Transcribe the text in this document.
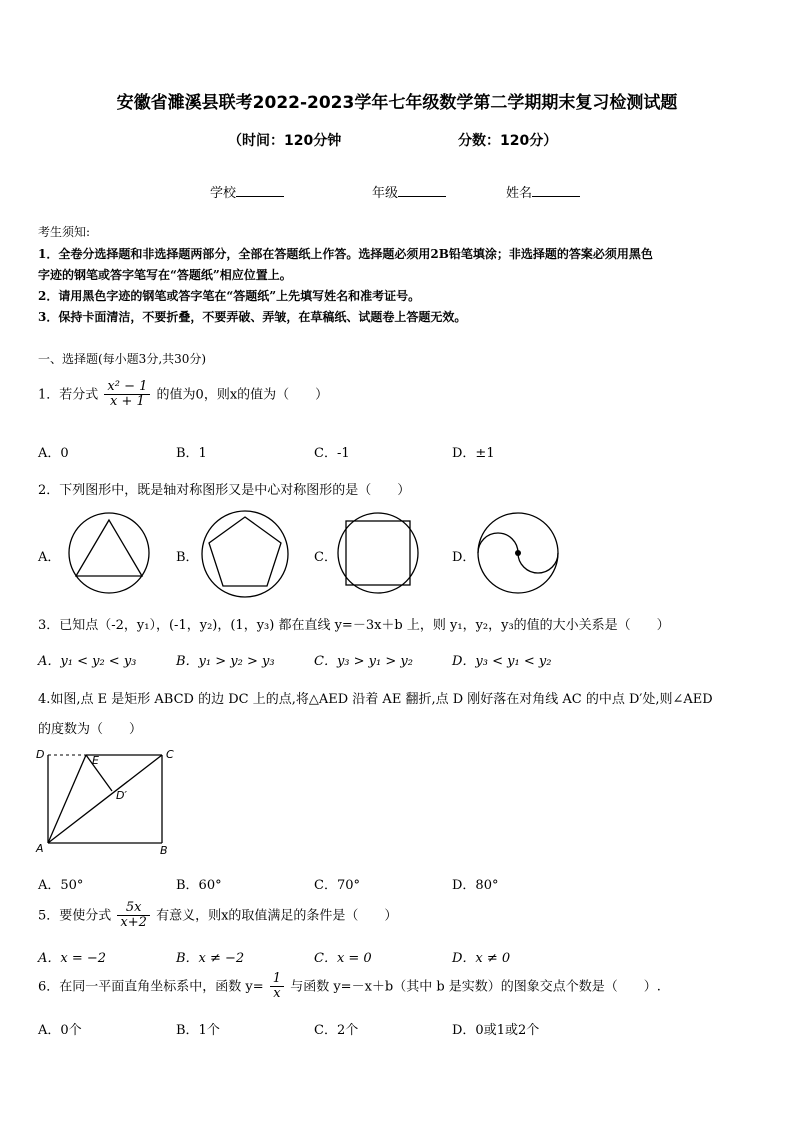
安徽省濉溪县联考2022-2023学年七年级数学第二学期期末复习检测试题
（时间：120分钟	分数：120分）
学校	年级	姓名
考生须知:
1．全卷分选择题和非选择题两部分，全部在答题纸上作答。选择题必须用2B铅笔填涂；非选择题的答案必须用黑色
字迹的钢笔或答字笔写在“答题纸”相应位置上。
2．请用黑色字迹的钢笔或答字笔在“答题纸”上先填写姓名和准考证号。
3．保持卡面清洁，不要折叠，不要弄破、弄皱，在草稿纸、试题卷上答题无效。
一、选择题(每小题3分,共30分)
1．若分式 $\frac{\text{x² − 1}}{x + 1}$ 的值为0，则x的值为（　　）
A．0	B．1	C．-1	D．±1
2．下列图形中，既是轴对称图形又是中心对称图形的是（　　）
A．	B．	C．	D．
3．已知点（-2，y₁），(-1，y₂)，(1，y₃) 都在直线 y=－3x＋b 上，则 y₁，y₂，y₃的值的大小关系是（　　）
A．y₁ < y₂ < y₃	B．y₁ > y₂ > y₃	C．y₃ > y₁ > y₂	D．y₃ < y₁ < y₂
4.如图,点 E 是矩形 ABCD 的边 DC 上的点,将△AED 沿着 AE 翻折,点 D 刚好落在对角线 AC 的中点 D′处,则∠AED
的度数为（　　）
D	C
E
D′
A	B
A．50°	B．60°	C．70°	D．80°
5．要使分式 $\frac{5x}{x+2}$ 有意义，则x的取值满足的条件是（　　）
A．x = −2	B．x ≠ −2	C．x = 0	D．x ≠ 0
6．在同一平面直角坐标系中，函数 $y= \frac{1}{x}$ 与函数 y=－x＋b（其中 b 是实数）的图象交点个数是（　　）.
A．0个	B．1个	C．2个	D．0或1或2个
